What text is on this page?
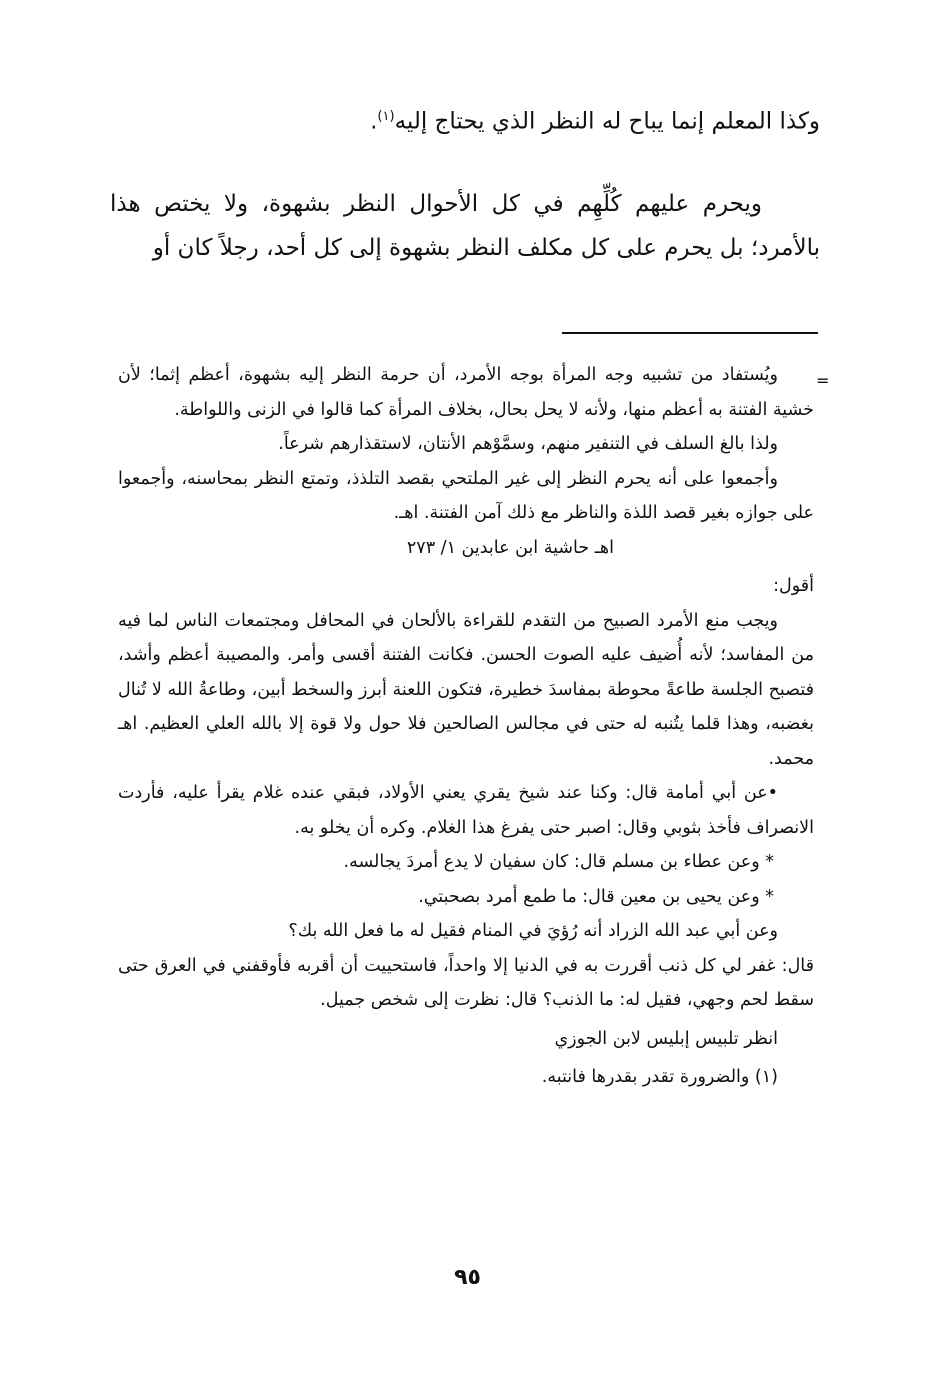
وكذا المعلم إنما يباح له النظر الذي يحتاج إليه$^{(١)}$.

ويحرم عليهم كُلِّهِم في كل الأحوال النظر بشهوة، ولا يختص هذا بالأمرد؛ بل يحرم على كل مكلف النظر بشهوة إلى كل أحد، رجلاً كان أو

=

ويُستفاد من تشبيه وجه المرأة بوجه الأمرد، أن حرمة النظر إليه بشهوة، أعظم إثما؛ لأن خشية الفتنة به أعظم منها، ولأنه لا يحل بحال، بخلاف المرأة كما قالوا في الزنى واللواطة.

ولذا بالغ السلف في التنفير منهم، وسمَّوْهم الأنتان، لاستقذارهم شرعاً.

وأجمعوا على أنه يحرم النظر إلى غير الملتحي بقصد التلذذ، وتمتع النظر بمحاسنه، وأجمعوا على جوازه بغير قصد اللذة والناظر مع ذلك آمن الفتنة. اهـ.

اهـ حاشية ابن عابدين ١/ ٢٧٣

أقول:

ويجب منع الأمرد الصبيح من التقدم للقراءة بالألحان في المحافل ومجتمعات الناس لما فيه من المفاسد؛ لأنه أُضيف عليه الصوت الحسن. فكانت الفتنة أقسى وأمر. والمصيبة أعظم وأشد، فتصبح الجلسة طاعةً محوطة بمفاسدَ خطيرة، فتكون اللعنة أبرز والسخط أبين، وطاعةُ الله لا تُنال بغضبه، وهذا قلما يتُنبه له حتى في مجالس الصالحين فلا حول ولا قوة إلا بالله العلي العظيم. اهـ محمد.

•عن أبي أمامة قال: وكنا عند شيخ يقري يعني الأولاد، فبقي عنده غلام يقرأ عليه، فأردت الانصراف فأخذ بثوبي وقال: اصبر حتى يفرغ هذا الغلام. وكره أن يخلو به.

* وعن عطاء بن مسلم قال: كان سفيان لا يدع أمردَ يجالسه.

* وعن يحيى بن معين قال: ما طمع أمرد بصحبتي.

وعن أبي عبد الله الزراد أنه رُؤيَ في المنام فقيل له ما فعل الله بك؟

قال: غفر لي كل ذنب أقررت به في الدنيا إلا واحداً، فاستحييت أن أقربه فأوقفني في العرق حتى سقط لحم وجهي، فقيل له: ما الذنب؟ قال: نظرت إلى شخص جميل.

انظر تلبيس إبليس لابن الجوزي

(١) والضرورة تقدر بقدرها فانتبه.

٩٥
